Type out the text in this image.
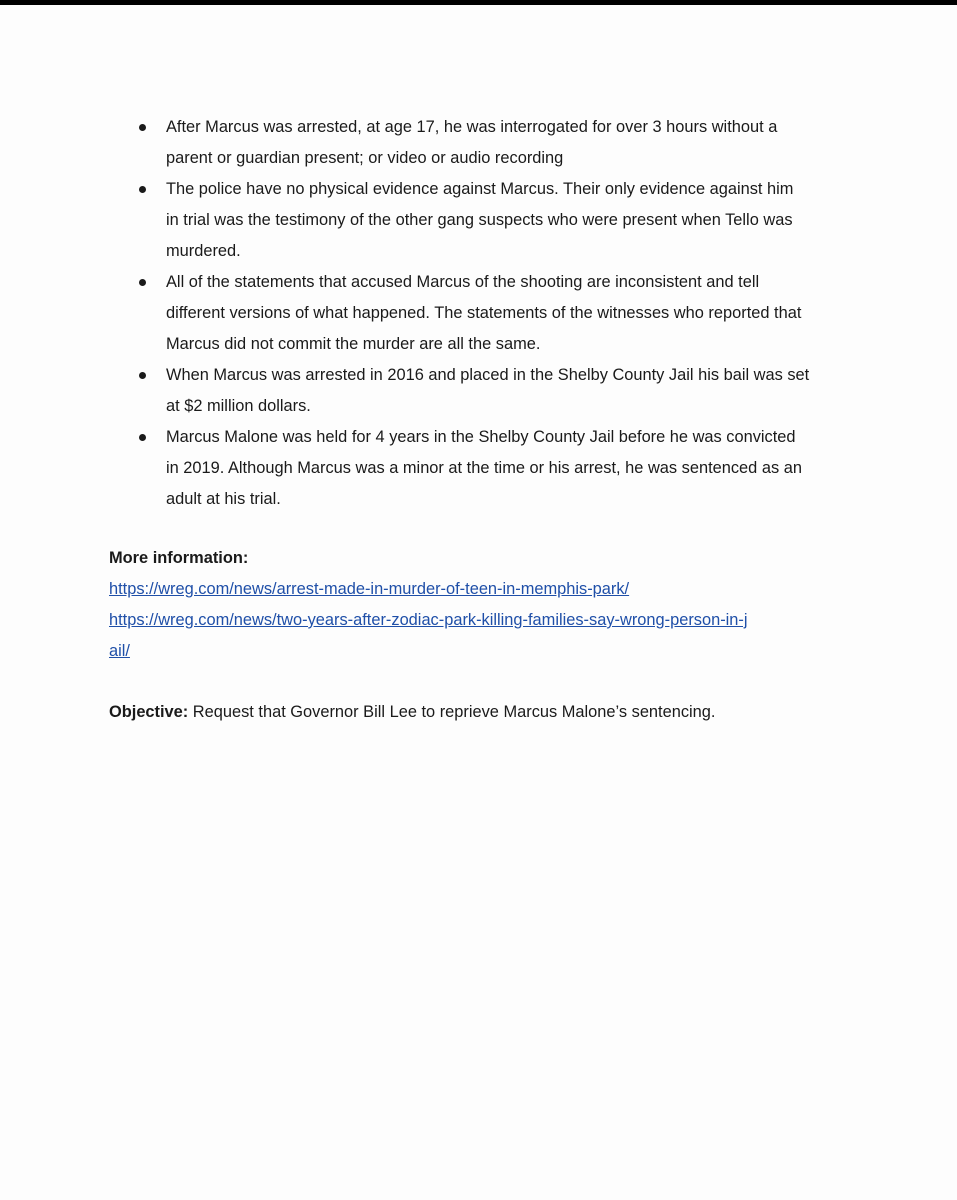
After Marcus was arrested, at age 17, he was interrogated for over 3 hours without a
parent or guardian present; or video or audio recording
The police have no physical evidence against Marcus. Their only evidence against him
in trial was the testimony of the other gang suspects who were present when Tello was
murdered.
All of the statements that accused Marcus of the shooting are inconsistent and tell
different versions of what happened. The statements of the witnesses who reported that
Marcus did not commit the murder are all the same.
When Marcus was arrested in 2016 and placed in the Shelby County Jail his bail was set
at $2 million dollars.
Marcus Malone was held for 4 years in the Shelby County Jail before he was convicted
in 2019. Although Marcus was a minor at the time or his arrest, he was sentenced as an
adult at his trial.
More information:
https://wreg.com/news/arrest-made-in-murder-of-teen-in-memphis-park/
https://wreg.com/news/two-years-after-zodiac-park-killing-families-say-wrong-person-in-j
ail/
Objective: Request that Governor Bill Lee to reprieve Marcus Malone’s sentencing.
